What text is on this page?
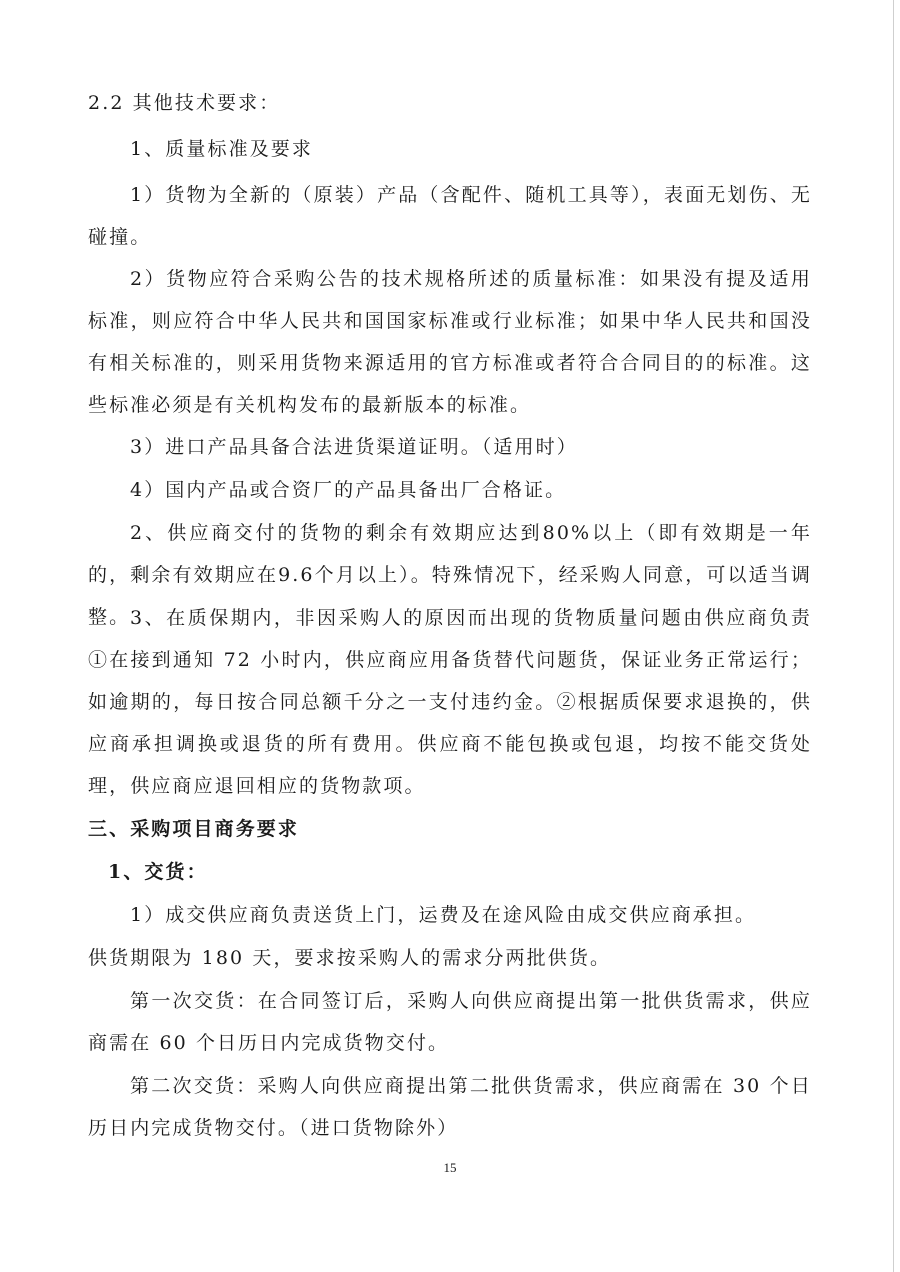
2.2 其他技术要求：

1、质量标准及要求

1）货物为全新的（原装）产品（含配件、随机工具等），表面无划伤、无碰撞。

2）货物应符合采购公告的技术规格所述的质量标准：如果没有提及适用标准，则应符合中华人民共和国国家标准或行业标准；如果中华人民共和国没有相关标准的，则采用货物来源适用的官方标准或者符合合同目的的标准。这些标准必须是有关机构发布的最新版本的标准。

3）进口产品具备合法进货渠道证明。（适用时）

4）国内产品或合资厂的产品具备出厂合格证。

2、供应商交付的货物的剩余有效期应达到80%以上（即有效期是一年的，剩余有效期应在9.6个月以上）。特殊情况下，经采购人同意，可以适当调整。 3、在质保期内，非因采购人的原因而出现的货物质量问题由供应商负责①在接到通知 72 小时内，供应商应用备货替代问题货，保证业务正常运行；如逾期的，每日按合同总额千分之一支付违约金。②根据质保要求退换的，供应商承担调换或退货的所有费用。供应商不能包换或包退，均按不能交货处理，供应商应退回相应的货物款项。

三、采购项目商务要求

1、交货：

1）成交供应商负责送货上门，运费及在途风险由成交供应商承担。

供货期限为 180 天，要求按采购人的需求分两批供货。

第一次交货：在合同签订后，采购人向供应商提出第一批供货需求，供应商需在 60 个日历日内完成货物交付。

第二次交货：采购人向供应商提出第二批供货需求，供应商需在 30 个日历日内完成货物交付。（进口货物除外）

15
